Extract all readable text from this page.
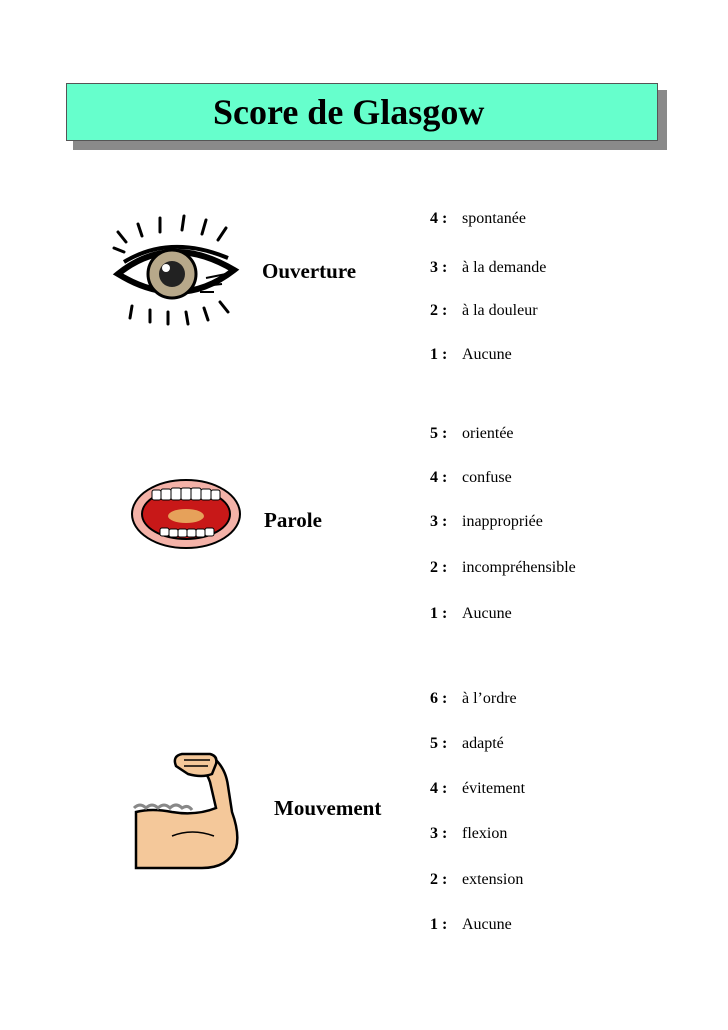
Score de Glasgow
Ouverture
4 : spontanée
3 : à la demande
2 : à la douleur
1 : Aucune
Parole
5 : orientée
4 : confuse
3 : inappropriée
2 : incompréhensible
1 : Aucune
Mouvement
6 : à l’ordre
5 : adapté
4 : évitement
3 : flexion
2 : extension
1 : Aucune
